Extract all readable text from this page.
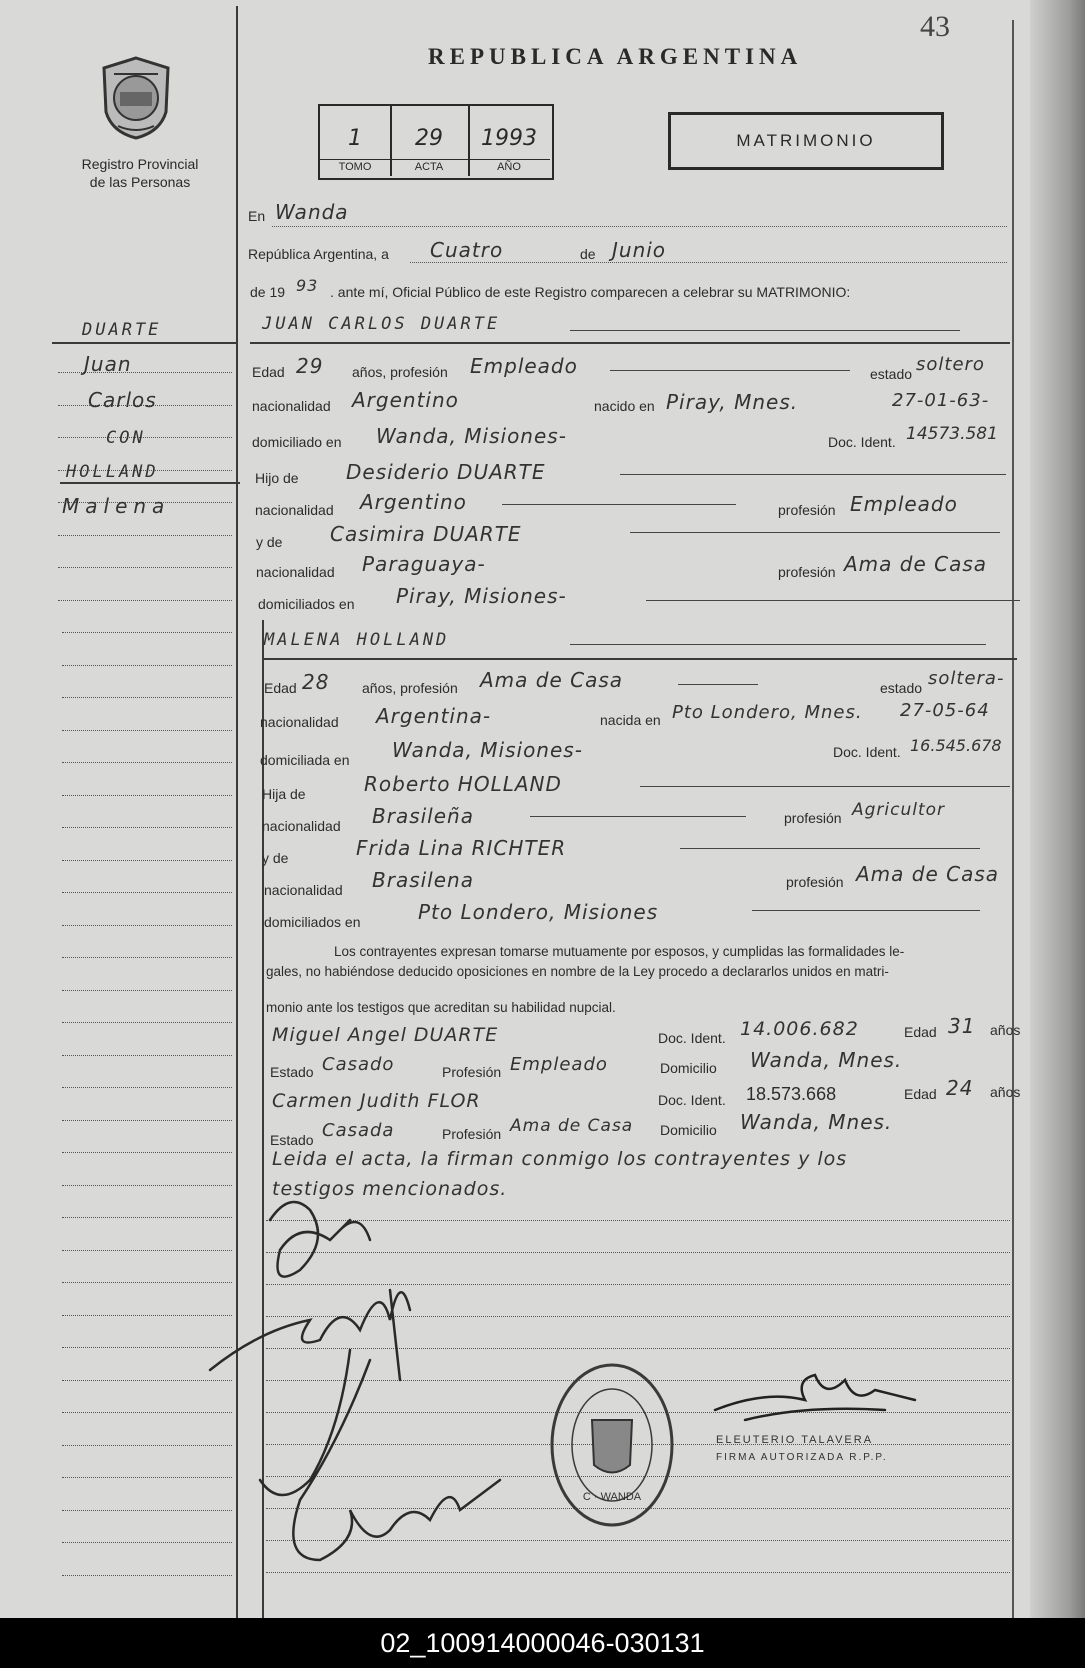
43
REPUBLICA ARGENTINA
Registro Provincial
de las Personas
1
TOMO
29
ACTA
1993
AÑO
MATRIMONIO
DUARTE
Juan
Carlos
CON
HOLLAND
Malena
En Wanda
República Argentina, a Cuatro	de Junio
de 19 93 . ante mí, Oficial Público de este Registro comparecen a celebrar su MATRIMONIO:
JUAN CARLOS DUARTE
Edad 29 años, profesión Empleado	estado soltero
nacionalidad Argentino	nacido en Piray, Mnes.	27-01-63-
domiciliado en Wanda, Misiones-	Doc. Ident. 14573.581
Hijo de Desiderio DUARTE
nacionalidad Argentino	profesión Empleado
y de Casimira DUARTE
nacionalidad Paraguaya-	profesión Ama de Casa
domiciliados en Piray, Misiones-
MALENA HOLLAND
Edad 28 años, profesión Ama de Casa	estado soltera-
nacionalidad Argentina-	nacida en Pto Londero, Mnes. 27-05-64
domiciliada en Wanda, Misiones-	Doc. Ident. 16.545.678
Hija de	Roberto HOLLAND
nacionalidad Brasileña	profesión Agricultor
y de	Frida Lina RICHTER
nacionalidad Brasilena	profesión Ama de Casa
domiciliados en	Pto Londero, Misiones
Los contrayentes expresan tomarse mutuamente por esposos, y cumplidas las formalidades le-
gales, no habiéndose deducido oposiciones en nombre de la Ley procedo a declararlos unidos en matri-
monio ante los testigos que acreditan su habilidad nupcial.
Miguel Angel DUARTE	Doc. Ident. 14.006.682	Edad 31 años
Estado Casado	Profesión Empleado	Domicilio Wanda, Mnes.
Carmen Judith FLOR	Doc. Ident. 18.573.668	Edad 24 años
Estado Casada	Profesión Ama de Casa Domicilio Wanda, Mnes.
Leida el acta, la firman conmigo los contrayentes y los
testigos mencionados.
C · WANDA
ELEUTERIO TALAVERA
FIRMA AUTORIZADA R.P.P.
02_100914000046-030131
